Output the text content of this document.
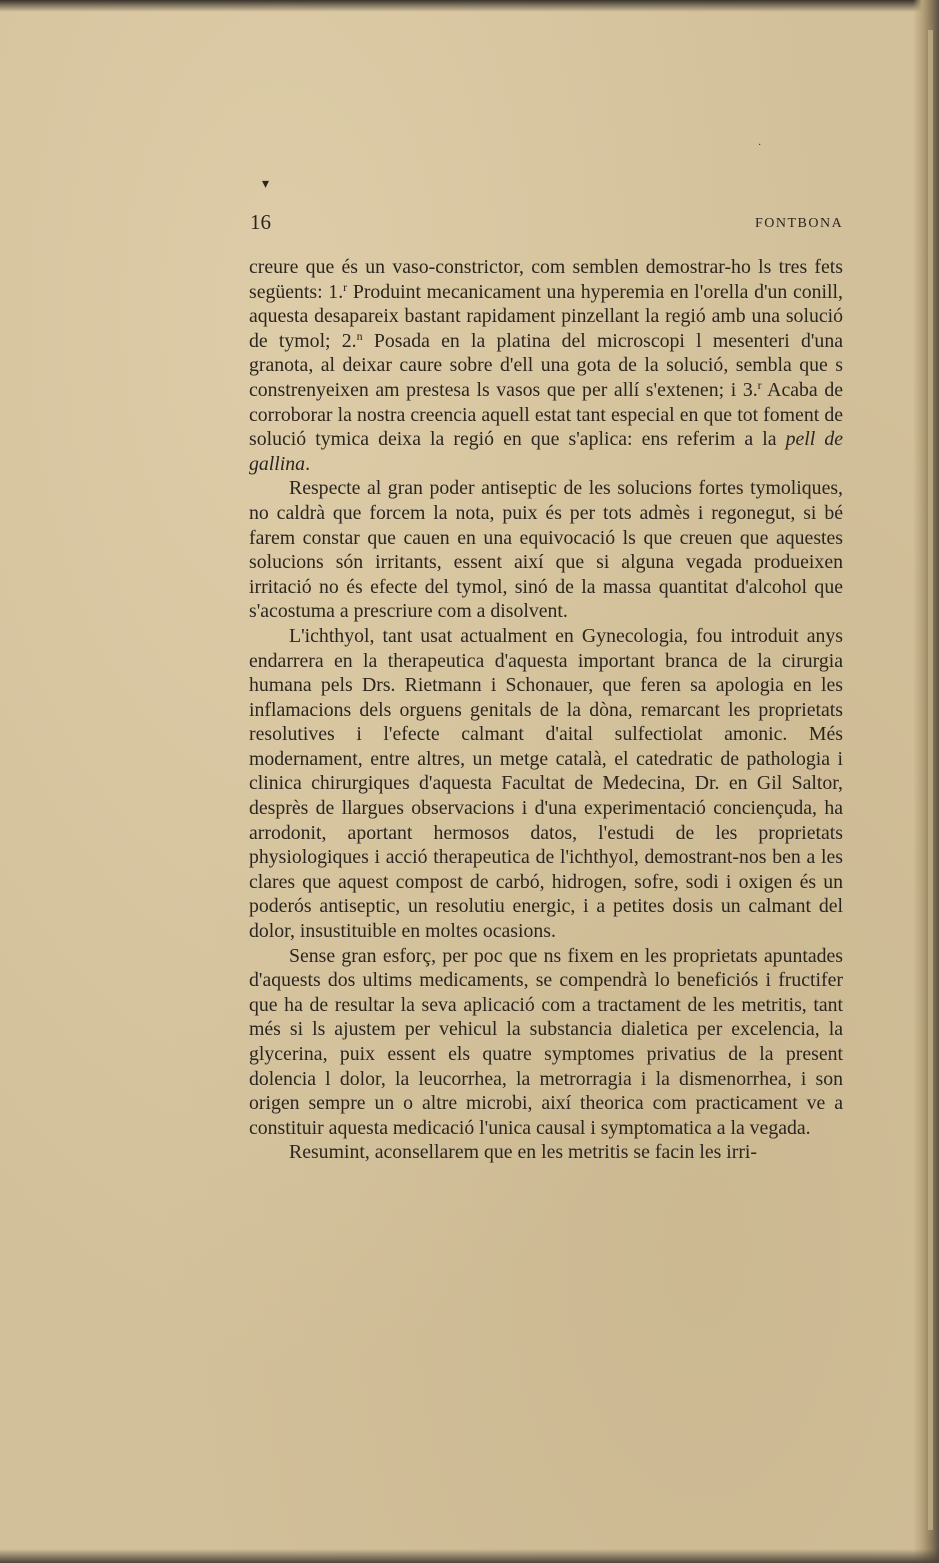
▾
·
16	FONTBONA

creure que és un vaso-constrictor, com semblen demostrar-ho ls tres fets següents: 1.$^r$ Produint mecanicament una hyperemia en l'orella d'un conill, aquesta desapareix bastant rapidament pinzellant la regió amb una solució de tymol; 2.$^n$ Posada en la platina del microscopi l mesenteri d'una granota, al deixar caure sobre d'ell una gota de la solució, sembla que s constrenyeixen am prestesa ls vasos que per allí s'extenen; i 3.$^r$ Acaba de corroborar la nostra creencia aquell estat tant especial en que tot foment de solució tymica deixa la regió en que s'aplica: ens referim a la pell de gallina.

Respecte al gran poder antiseptic de les solucions fortes tymoliques, no caldrà que forcem la nota, puix és per tots admès i regonegut, si bé farem constar que cauen en una equivocació ls que creuen que aquestes solucions són irritants, essent així que si alguna vegada produeixen irritació no és efecte del tymol, sinó de la massa quantitat d'alcohol que s'acostuma a prescriure com a disolvent.

L'ichthyol, tant usat actualment en Gynecologia, fou introduit anys endarrera en la therapeutica d'aquesta important branca de la cirurgia humana pels Drs. Rietmann i Schonauer, que feren sa apologia en les inflamacions dels orguens genitals de la dòna, remarcant les proprietats resolutives i l'efecte calmant d'aital sulfectiolat amonic. Més modernament, entre altres, un metge català, el catedratic de pathologia i clinica chirurgiques d'aquesta Facultat de Medecina, Dr. en Gil Saltor, desprès de llargues observacions i d'una experimentació conciençuda, ha arrodonit, aportant hermosos datos, l'estudi de les proprietats physiologiques i acció therapeutica de l'ichthyol, demostrant-nos ben a les clares que aquest compost de carbó, hidrogen, sofre, sodi i oxigen és un poderós antiseptic, un resolutiu energic, i a petites dosis un calmant del dolor, insustituible en moltes ocasions.

Sense gran esforç, per poc que ns fixem en les proprietats apuntades d'aquests dos ultims medicaments, se compendrà lo beneficiós i fructifer que ha de resultar la seva aplicació com a tractament de les metritis, tant més si ls ajustem per vehicul la substancia dialetica per excelencia, la glycerina, puix essent els quatre symptomes privatius de la present dolencia l dolor, la leucorrhea, la metrorragia i la dismenorrhea, i son origen sempre un o altre microbi, així theorica com practicament ve a constituir aquesta medicació l'unica causal i symptomatica a la vegada.

Resumint, aconsellarem que en les metritis se facin les irri-
